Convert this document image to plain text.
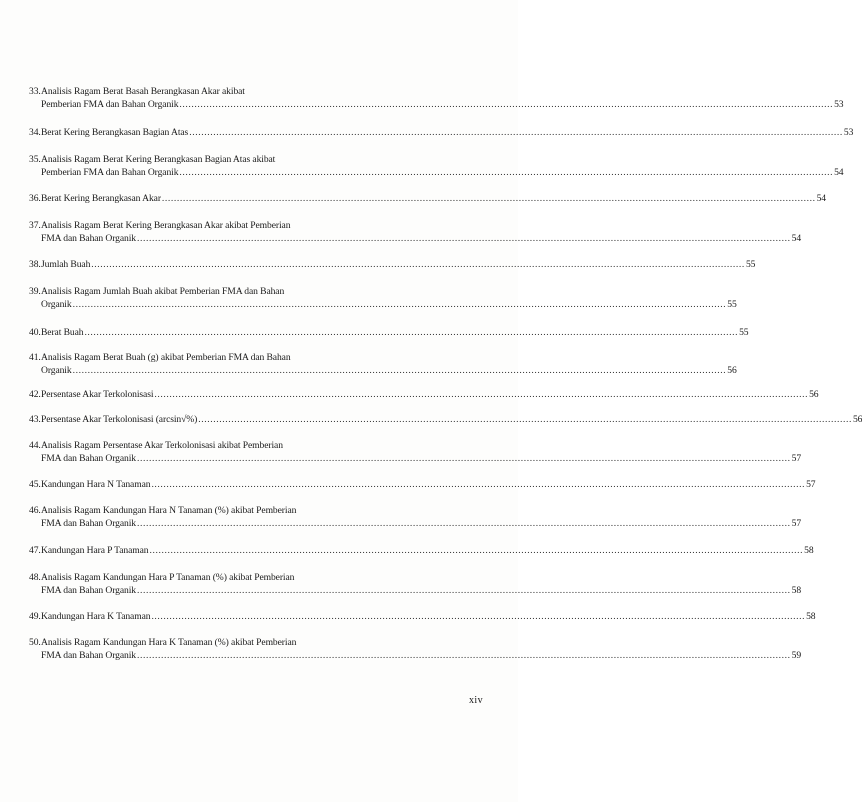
33. Analisis Ragam Berat Basah Berangkasan Akar akibat
Pemberian FMA dan Bahan Organik .....	53
34. Berat Kering Berangkasan Bagian Atas .....	53
35. Analisis Ragam Berat Kering Berangkasan Bagian Atas akibat
Pemberian FMA dan Bahan Organik .....	54
36. Berat Kering Berangkasan Akar .....	54
37. Analisis Ragam Berat Kering Berangkasan Akar akibat Pemberian
FMA dan Bahan Organik .....	54
38. Jumlah Buah .....	55
39. Analisis Ragam Jumlah Buah akibat Pemberian FMA dan Bahan
Organik .....	55
40. Berat Buah .....	55
41. Analisis Ragam Berat Buah (g) akibat Pemberian FMA dan Bahan
Organik .....	56
42. Persentase Akar Terkolonisasi .....	56
43. Persentase Akar Terkolonisasi (arcsin√%) .....	56
44. Analisis Ragam Persentase Akar Terkolonisasi akibat Pemberian
FMA dan Bahan Organik .....	57
45. Kandungan Hara N Tanaman .....	57
46. Analisis Ragam Kandungan Hara N Tanaman (%) akibat Pemberian
FMA dan Bahan Organik .....	57
47. Kandungan Hara P Tanaman .....	58
48. Analisis Ragam Kandungan Hara P Tanaman (%) akibat Pemberian
FMA dan Bahan Organik .....	58
49. Kandungan Hara K Tanaman .....	58
50. Analisis Ragam Kandungan Hara K Tanaman (%) akibat Pemberian
FMA dan Bahan Organik .....	59
xiv
